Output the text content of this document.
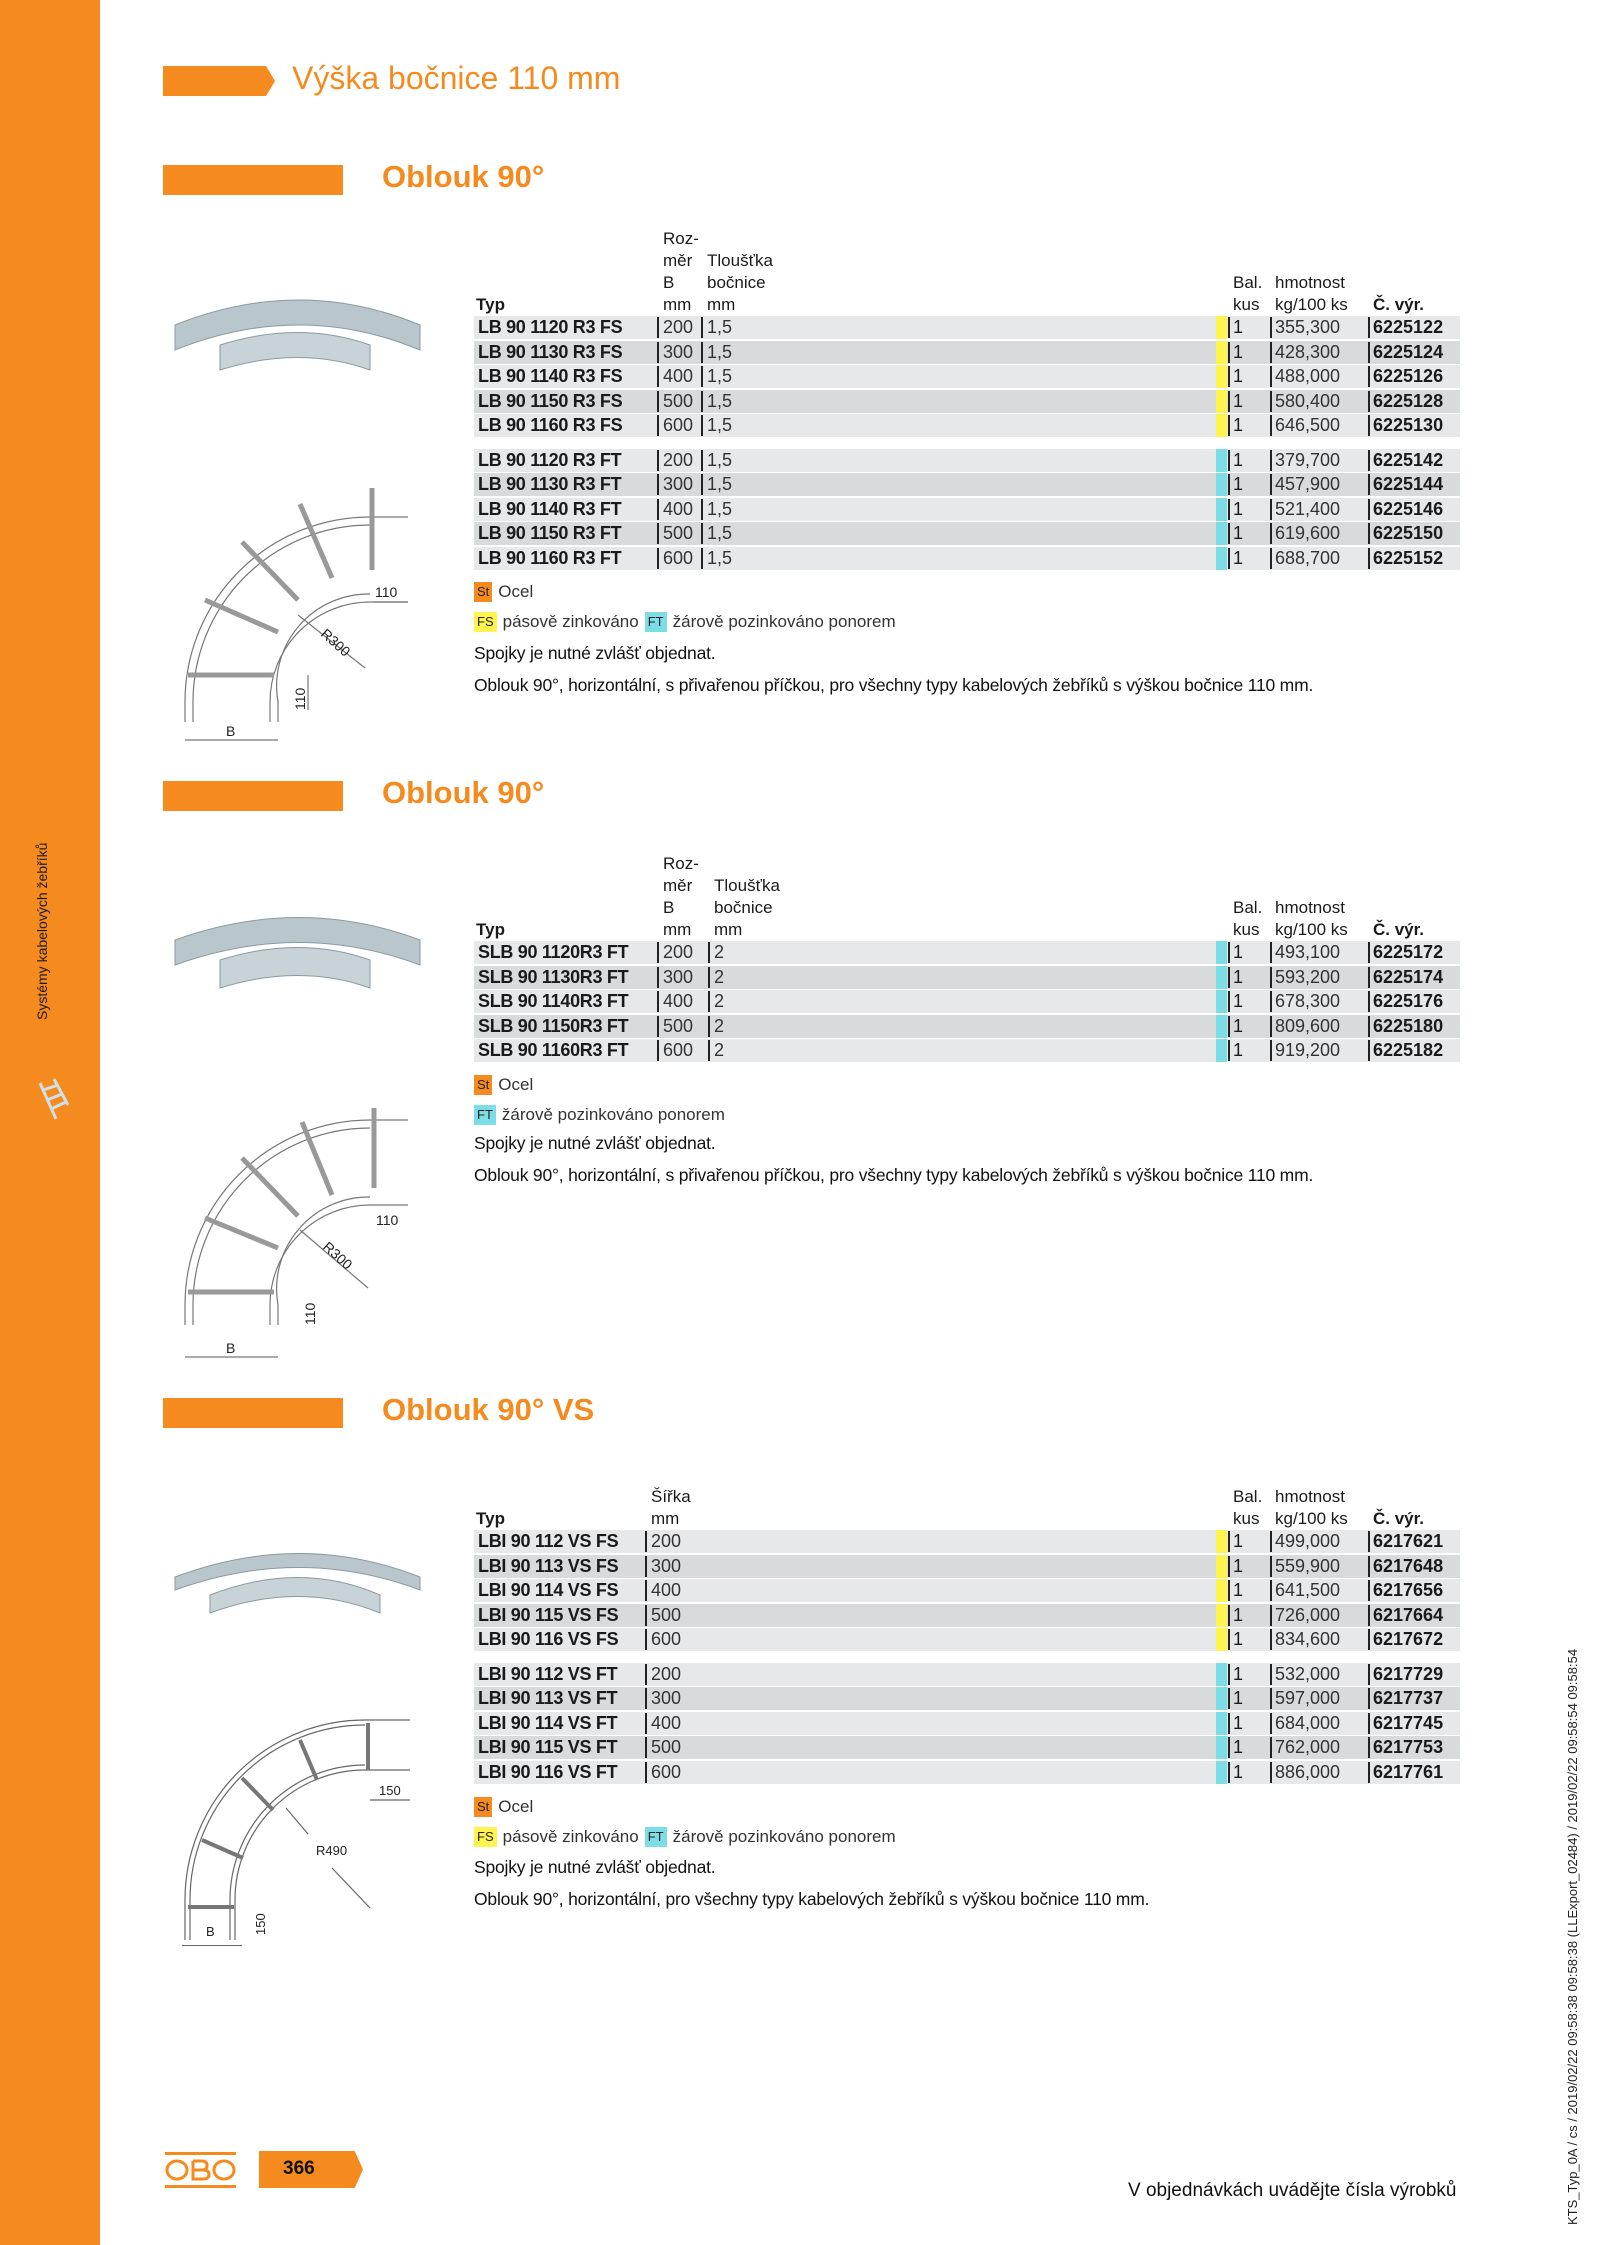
Systémy kabelových žebříků
Výška bočnice 110 mm
Oblouk 90°
110
R300
110
B
Typ
Roz-
měr
B
mm
Tloušťka
bočnice
mm
Bal.
kus
hmotnost
kg/100 ks Č. výr.
LB 90 1120 R3 FS 200 1,5	1 355,300 6225122
LB 90 1130 R3 FS 300 1,5	1 428,300 6225124
LB 90 1140 R3 FS 400 1,5	1 488,000 6225126
LB 90 1150 R3 FS 500 1,5	1 580,400 6225128
LB 90 1160 R3 FS 600 1,5	1 646,500 6225130
LB 90 1120 R3 FT 200 1,5	1 379,700 6225142
LB 90 1130 R3 FT 300 1,5	1 457,900 6225144
LB 90 1140 R3 FT 400 1,5	1 521,400 6225146
LB 90 1150 R3 FT 500 1,5	1 619,600 6225150
LB 90 1160 R3 FT 600 1,5	1 688,700 6225152
St Ocel
FS pásově zinkováno FT žárově pozinkováno ponorem
Spojky je nutné zvlášť objednat.
Oblouk 90°, horizontální, s přivařenou příčkou, pro všechny typy kabelových žebříků s výškou bočnice 110 mm.
Oblouk 90°
110
R300
110
B
Typ
Roz-
měr
B
mm
Tloušťka
bočnice
mm
Bal.
kus
hmotnost
kg/100 ks Č. výr.
SLB 90 1120R3 FT 200 2	1 493,100 6225172
SLB 90 1130R3 FT 300 2	1 593,200 6225174
SLB 90 1140R3 FT 400 2	1 678,300 6225176
SLB 90 1150R3 FT 500 2	1 809,600 6225180
SLB 90 1160R3 FT 600 2	1 919,200 6225182
St Ocel
FT žárově pozinkováno ponorem
Spojky je nutné zvlášť objednat.
Oblouk 90°, horizontální, s přivařenou příčkou, pro všechny typy kabelových žebříků s výškou bočnice 110 mm.
Oblouk 90° VS
150
R490
150
B
Typ
Šířka
mm
Bal.
kus
hmotnost
kg/100 ks Č. výr.
LBI 90 112 VS FS 200	1 499,000 6217621
LBI 90 113 VS FS 300	1 559,900 6217648
LBI 90 114 VS FS 400	1 641,500 6217656
LBI 90 115 VS FS 500	1 726,000 6217664
LBI 90 116 VS FS 600	1 834,600 6217672
LBI 90 112 VS FT 200	1 532,000 6217729
LBI 90 113 VS FT 300	1 597,000 6217737
LBI 90 114 VS FT 400	1 684,000 6217745
LBI 90 115 VS FT 500	1 762,000 6217753
LBI 90 116 VS FT 600	1 886,000 6217761
St Ocel
FS pásově zinkováno FT žárově pozinkováno ponorem
Spojky je nutné zvlášť objednat.
Oblouk 90°, horizontální, pro všechny typy kabelových žebříků s výškou bočnice 110 mm.
366
V objednávkách uvádějte čísla výrobků	KTS_Typ_0A / cs / 2019/02/22 09:58:38 09:58:38 (LLExport_02484) / 2019/02/22 09:58:54 09:58:54
